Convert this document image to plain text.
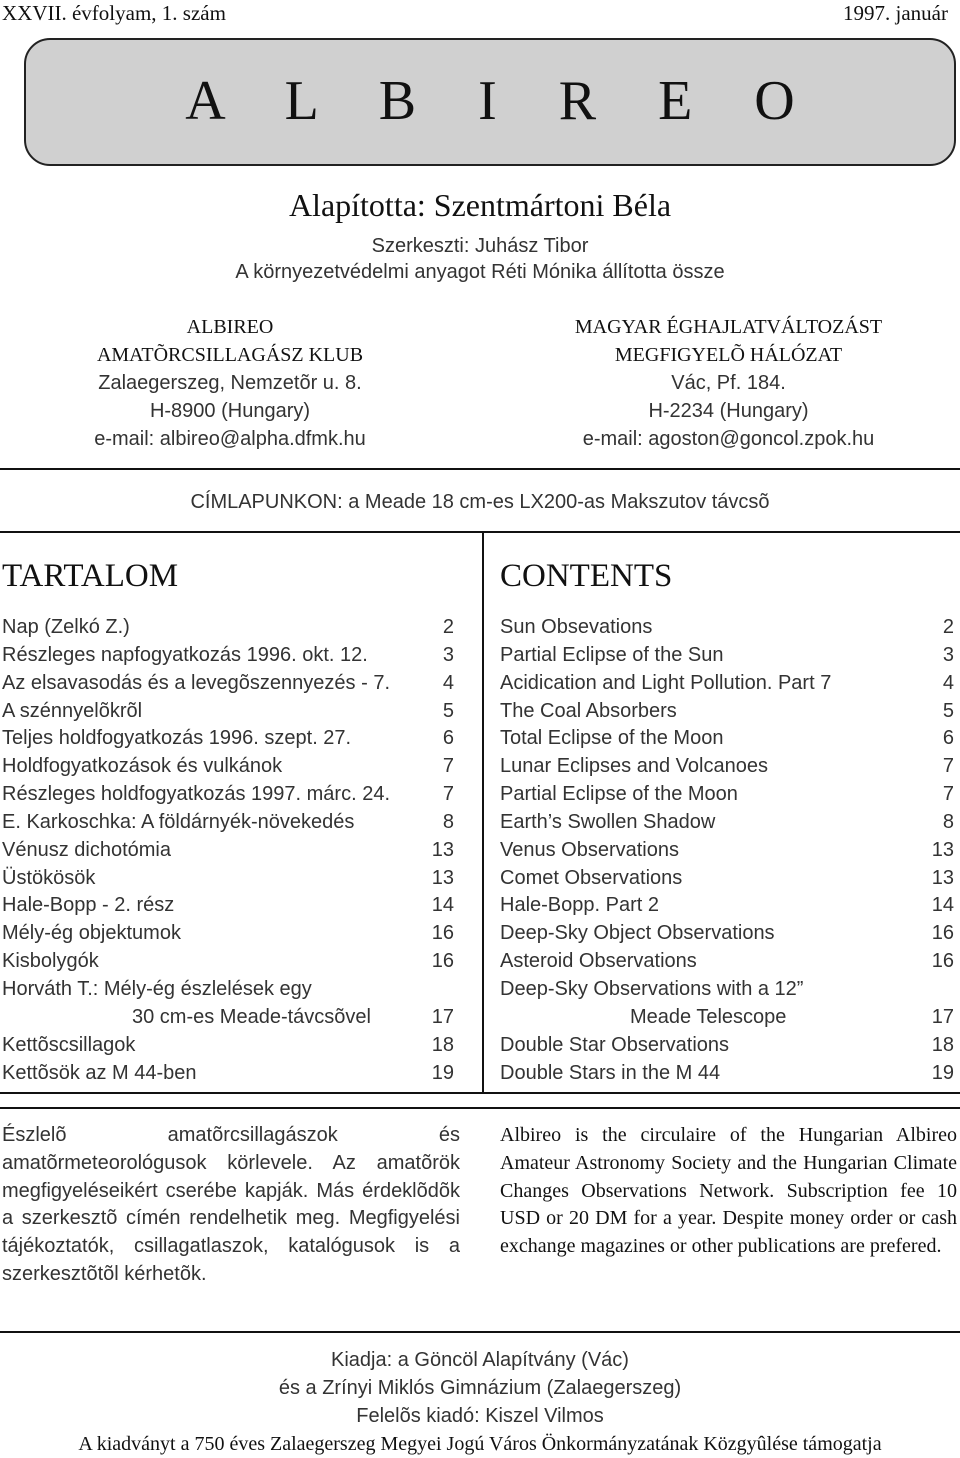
XXVII. évfolyam, 1. szám	1997. január
A L B I R E O
Alapította: Szentmártoni Béla
Szerkeszti: Juhász Tibor
A környezetvédelmi anyagot Réti Mónika állította össze
ALBIREO
AMATÕRCSILLAGÁSZ KLUB
Zalaegerszeg, Nemzetõr u. 8.
H-8900 (Hungary)
e-mail: albireo@alpha.dfmk.hu
MAGYAR ÉGHAJLATVÁLTOZÁST
MEGFIGYELÕ HÁLÓZAT
Vác, Pf. 184.
H-2234 (Hungary)
e-mail: agoston@goncol.zpok.hu
CÍMLAPUNKON: a Meade 18 cm-es LX200-as Makszutov távcsõ
TARTALOM	CONTENTS
Nap (Zelkó Z.)	2
Részleges napfogyatkozás 1996. okt. 12.	3
Az elsavasodás és a levegõszennyezés - 7.	4
A szénnyelõkrõl	5
Teljes holdfogyatkozás 1996. szept. 27.	6
Holdfogyatkozások és vulkánok	7
Részleges holdfogyatkozás 1997. márc. 24.	7
E. Karkoschka: A földárnyék-növekedés	8
Vénusz dichotómia	13
Üstökösök	13
Hale-Bopp - 2. rész	14
Mély-ég objektumok	16
Kisbolygók	16
Horváth T.: Mély-ég észlelések egy
30 cm-es Meade-távcsõvel	17
Kettõscsillagok	18
Kettõsök az M 44-ben	19
Sun Obsevations	2
Partial Eclipse of the Sun	3
Acidication and Light Pollution. Part 7	4
The Coal Absorbers	5
Total Eclipse of the Moon	6
Lunar Eclipses and Volcanoes	7
Partial Eclipse of the Moon	7
Earth’s Swollen Shadow	8
Venus Observations	13
Comet Observations	13
Hale-Bopp. Part 2	14
Deep-Sky Object Observations	16
Asteroid Observations	16
Deep-Sky Observations with a 12”
Meade Telescope	17
Double Star Observations	18
Double Stars in the M 44	19

Észlelõ amatõrcsillagászok és amatõrmeteorológusok körlevele. Az amatõrök megfigyeléseikért cserébe kapják. Más érdeklõdõk a szerkesztõ címén rendelhetik meg. Megfigyelési tájékoztatók, csillagatlaszok, katalógusok is a szerkesztõtõl kérhetõk.

Albireo is the circulaire of the Hungarian Albireo Amateur Astronomy Society and the Hungarian Climate Changes Observations Network. Subscription fee 10 USD or 20 DM for a year. Despite money order or cash exchange magazines or other publications are prefered.

Kiadja: a Göncöl Alapítvány (Vác)
és a Zrínyi Miklós Gimnázium (Zalaegerszeg)
Felelõs kiadó: Kiszel Vilmos
A kiadványt a 750 éves Zalaegerszeg Megyei Jogú Város Önkormányzatának Közgyûlése támogatja
